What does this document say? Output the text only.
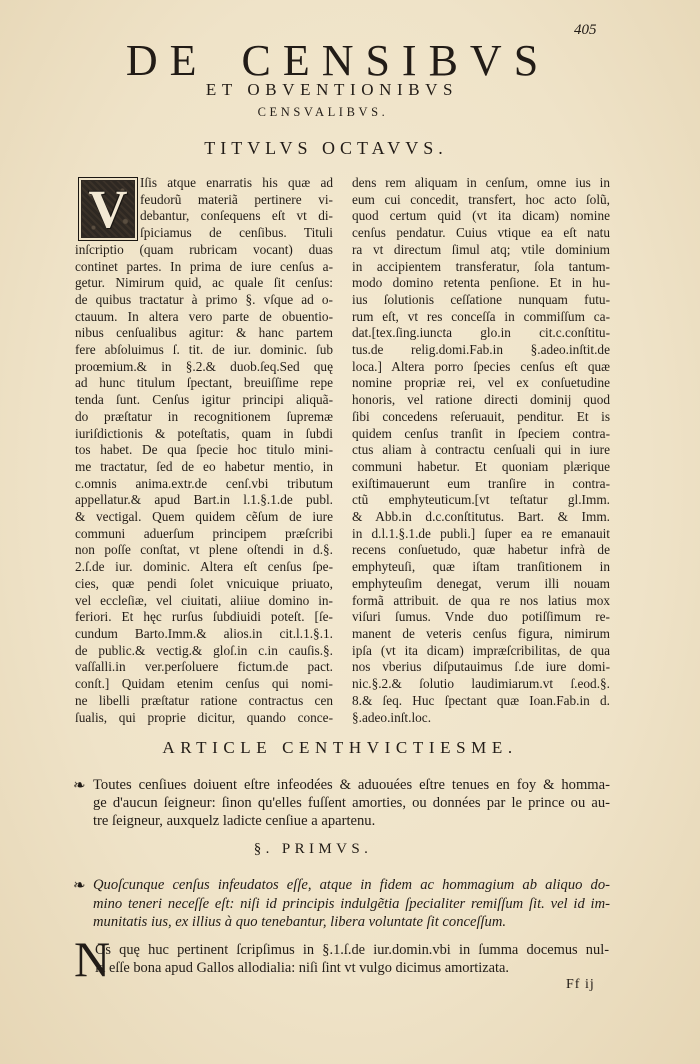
405
DE CENSIBVS
ET OBVENTIONIBVS
CENSVALIBVS.
TITVLVS OCTAVVS.
V Iſis atque enarratis his quæ ad
feudorũ materiã pertinere vi-
debantur, conſequens eſt vt di-
ſpiciamus de cenſibus. Tituli
inſcriptio (quam rubricam vocant) duas
continet partes. In prima de iure cenſus a-
getur. Nimirum quid, ac quale ſit cenſus:
de quibus tractatur à primo §. vſque ad o-
ctauum. In altera vero parte de obuentio-
nibus cenſualibus agitur: & hanc partem
fere abſoluimus ſ. tit. de iur. dominic. ſub
proœmium.& in §.2.& duob.ſeq.Sed quę
ad hunc titulum ſpectant, breuiſſime repe
tenda ſunt. Cenſus igitur principi aliquã-
do præſtatur in recognitionem ſupremæ
iuriſdictionis & poteſtatis, quam in ſubdi
tos habet. De qua ſpecie hoc titulo mini-
me tractatur, ſed de eo habetur mentio, in
c.omnis anima.extr.de cenſ.vbi tributum
appellatur.& apud Bart.in l.1.§.1.de publ.
& vectigal. Quem quidem cẽſum de iure
communi aduerſum principem præſcribi
non poſſe conſtat, vt plene oſtendi in d.§.
2.ſ.de iur. dominic. Altera eſt cenſus ſpe-
cies, quæ pendi ſolet vnicuique priuato,
vel eccleſiæ, vel ciuitati, aliiue domino in-
feriori. Et hęc rurſus ſubdiuidi poteſt. [ſe-
cundum Barto.Imm.& alios.in cit.l.1.§.1.
de public.& vectig.& gloſ.in c.in cauſis.§.
vaſſalli.in ver.perſoluere fictum.de pact.
conſt.] Quidam etenim cenſus qui nomi-
ne libelli præſtatur ratione contractus cen
ſualis, qui proprie dicitur, quando conce-
dens rem aliquam in cenſum, omne ius in
eum cui concedit, transfert, hoc acto ſolũ,
quod certum quid (vt ita dicam) nomine
cenſus pendatur. Cuius vtique ea eſt natu
ra vt directum ſimul atq; vtile dominium
in accipientem transferatur, ſola tantum-
modo domino retenta penſione. Et in hu-
ius ſolutionis ceſſatione nunquam futu-
rum eſt, vt res conceſſa in commiſſum ca-
dat.[tex.ſing.iuncta glo.in cit.c.conſtitu-
tus.de relig.domi.Fab.in §.adeo.inſtit.de
loca.] Altera porro ſpecies cenſus eſt quæ
nomine propriæ rei, vel ex conſuetudine
honoris, vel ratione directi dominij quod
ſibi concedens reſeruauit, penditur. Et is
quidem cenſus tranſit in ſpeciem contra-
ctus aliam à contractu cenſuali qui in iure
communi habetur. Et quoniam plærique
exiſtimauerunt eum tranſire in contra-
ctũ emphyteuticum.[vt teſtatur gl.Imm.
& Abb.in d.c.conſtitutus. Bart. & Imm.
in d.l.1.§.1.de publi.] ſuper ea re emanauit
recens conſuetudo, quæ habetur infrà de
emphyteuſi, quæ iſtam tranſitionem in
emphyteuſim denegat, verum illi nouam
formã attribuit. de qua re nos latius mox
viſuri ſumus. Vnde duo potiſſimum re-
manent de veteris cenſus figura, nimirum
ipſa (vt ita dicam) impræſcribilitas, de qua
nos vberius diſputauimus ſ.de iure domi-
nic.§.2.& ſolutio laudimiarum.vt ſ.eod.§.
8.& ſeq. Huc ſpectant quæ Ioan.Fab.in d.
§.adeo.inſt.loc.
ARTICLE CENTHVICTIESME.
❧
Toutes cenſiues doiuent eſtre infeodées & aduouées eſtre tenues en foy & homma-
ge d'aucun ſeigneur: ſinon qu'elles fuſſent amorties, ou données par le prince ou au-
tre ſeigneur, auxquelz ladicte cenſiue a apartenu.
§. PRIMVS.
❧
Quoſcunque cenſus infeudatos eſſe, atque in fidem ac hommagium ab aliquo do-
mino teneri neceſſe eſt: niſi id principis indulgẽtia ſpecialiter remiſſum ſit. vel id im-
munitatis ius, ex illius à quo tenebantur, libera voluntate ſit conceſſum.
N
Os quę huc pertinent ſcripſimus in §.1.ſ.de iur.domin.vbi in ſumma docemus nul-
la eſſe bona apud Gallos allodialia: niſi ſint vt vulgo dicimus amortizata.
Ff ij
